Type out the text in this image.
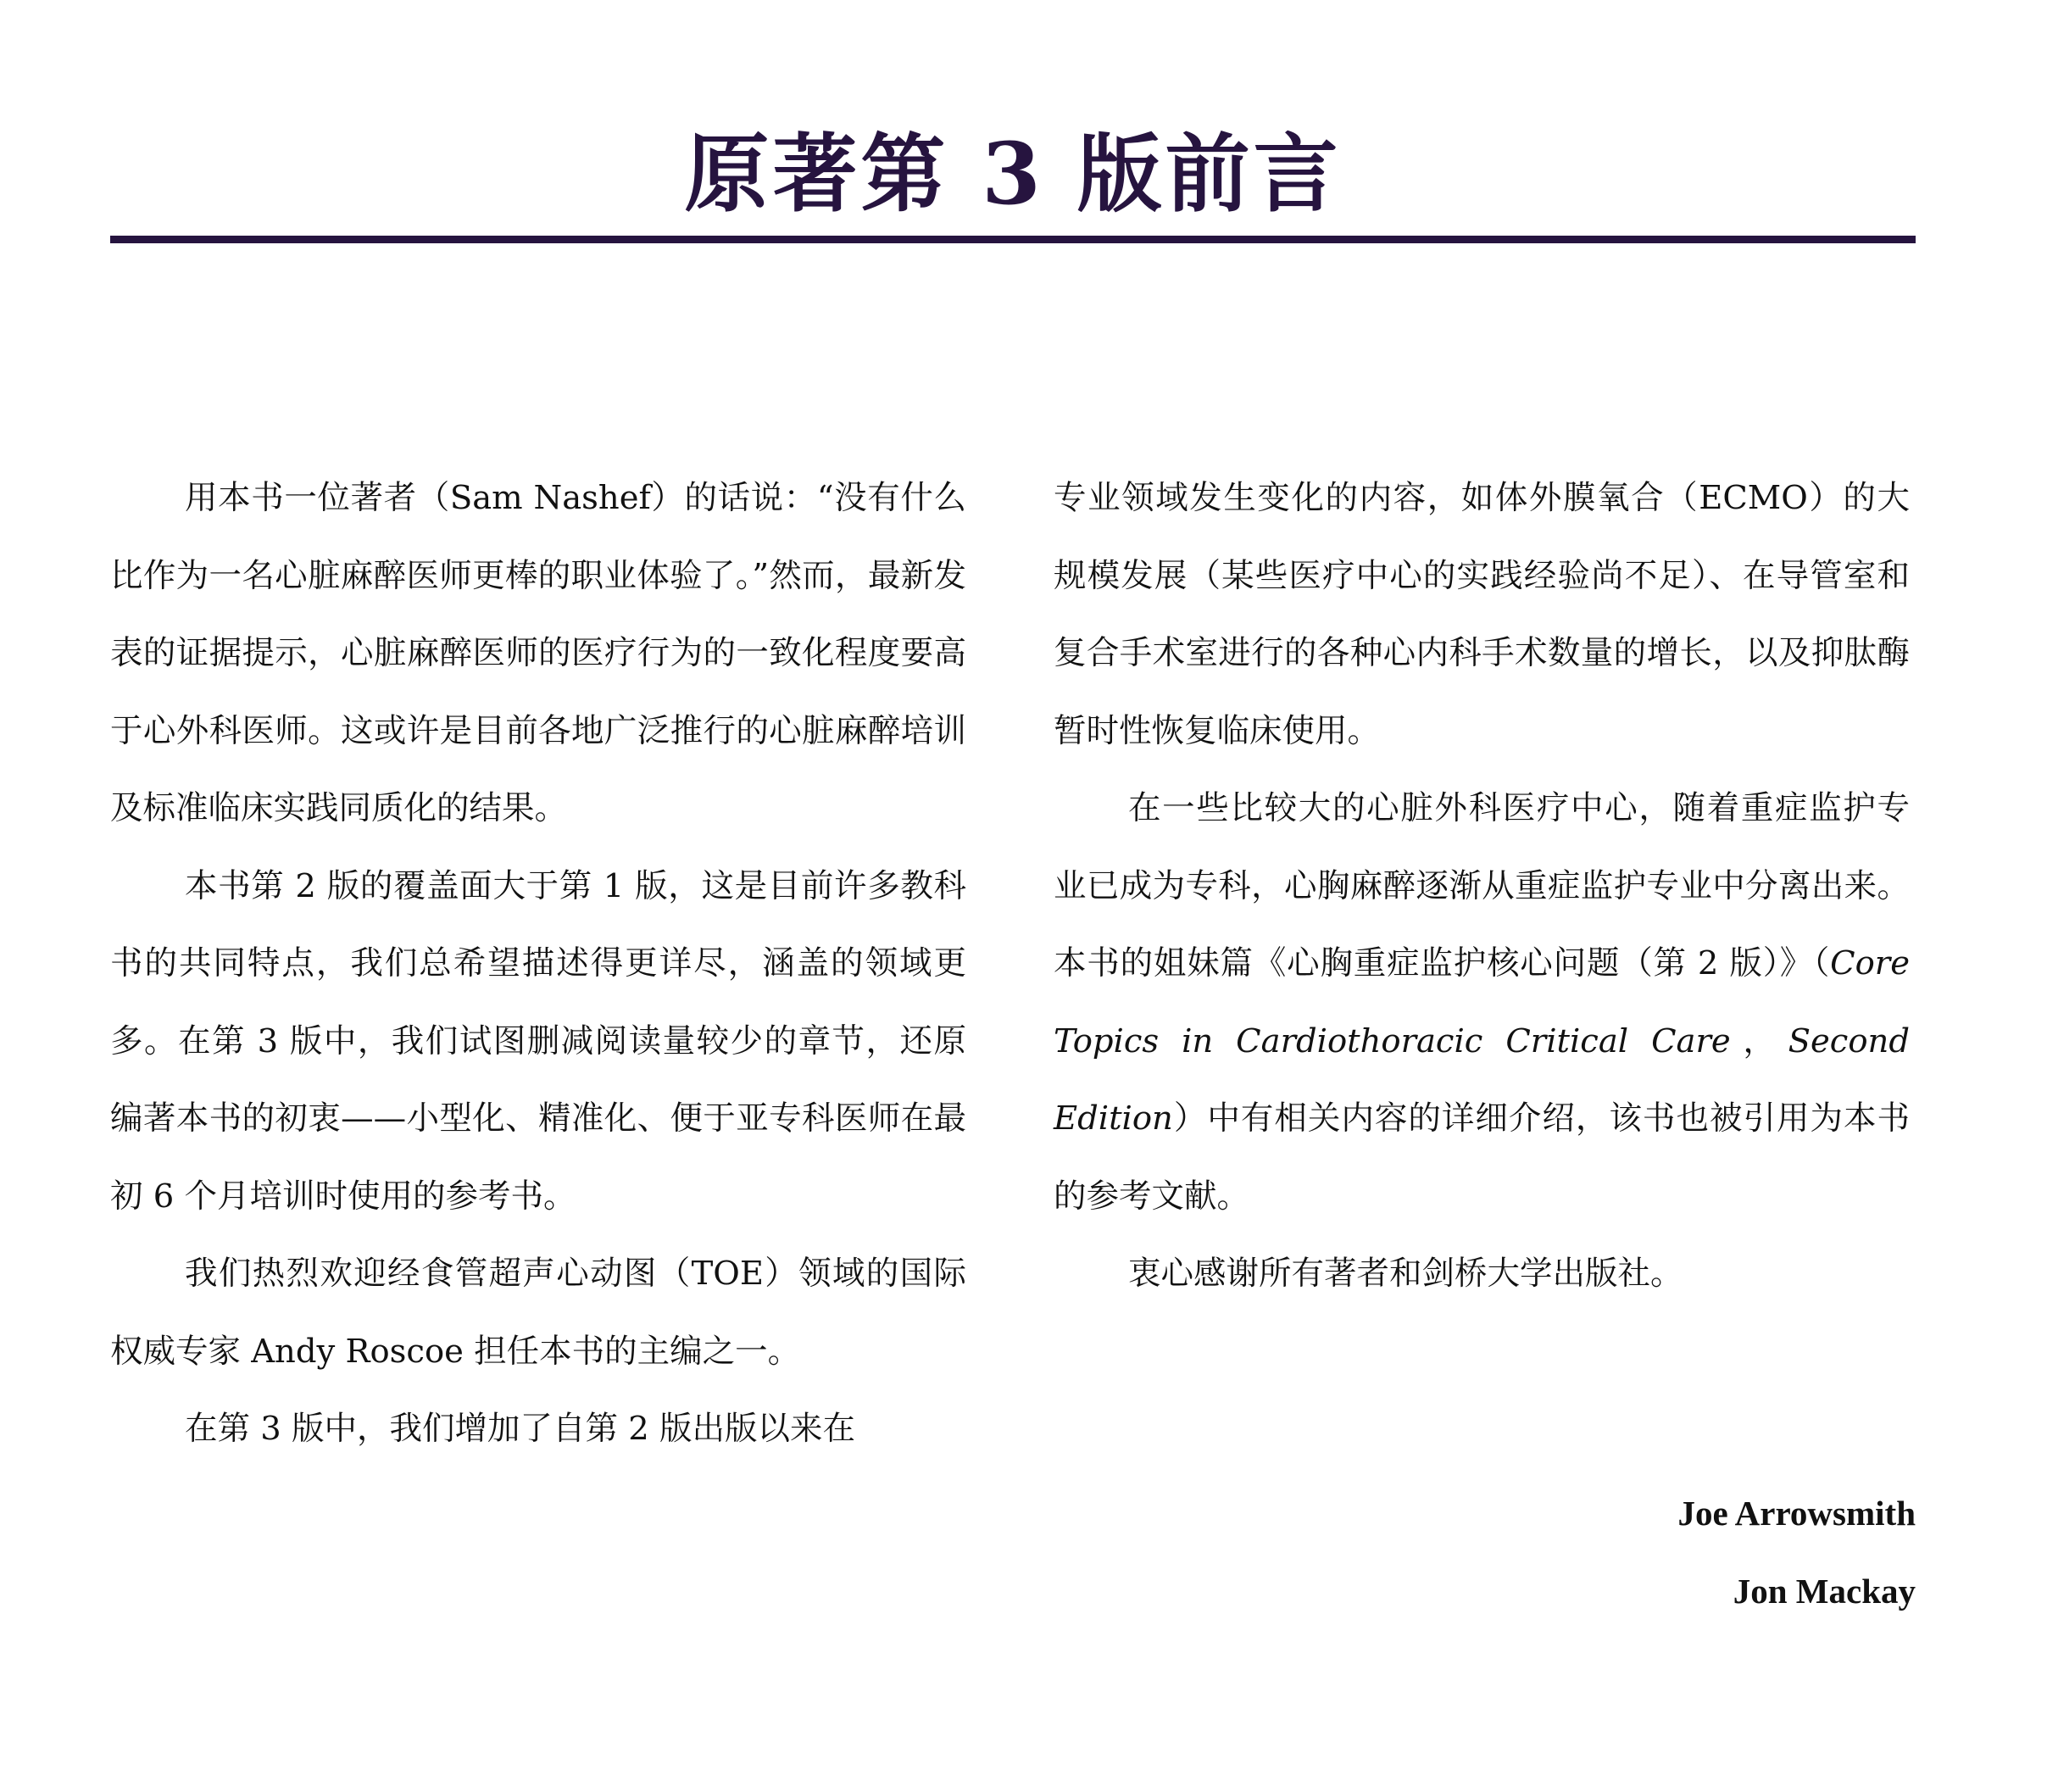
原著第 3 版前言

用本书一位著者（Sam Nashef）的话说：“没有什么比作为一名心脏麻醉医师更棒的职业体验了。”然而，最新发表的证据提示，心脏麻醉医师的医疗行为的一致化程度要高于心外科医师。这或许是目前各地广泛推行的心脏麻醉培训及标准临床实践同质化的结果。

本书第 2 版的覆盖面大于第 1 版，这是目前许多教科书的共同特点，我们总希望描述得更详尽，涵盖的领域更多。在第 3 版中，我们试图删减阅读量较少的章节，还原编著本书的初衷——小型化、精准化、便于亚专科医师在最初 6 个月培训时使用的参考书。

我们热烈欢迎经食管超声心动图（TOE）领域的国际权威专家 Andy Roscoe 担任本书的主编之一。

在第 3 版中，我们增加了自第 2 版出版以来在

专业领域发生变化的内容，如体外膜氧合（ECMO）的大规模发展（某些医疗中心的实践经验尚不足）、在导管室和复合手术室进行的各种心内科手术数量的增长，以及抑肽酶暂时性恢复临床使用。

在一些比较大的心脏外科医疗中心，随着重症监护专业已成为专科，心胸麻醉逐渐从重症监护专业中分离出来。本书的姐妹篇《心胸重症监护核心问题（第 2 版）》（Core Topics in Cardiothoracic Critical Care，Second Edition）中有相关内容的详细介绍，该书也被引用为本书的参考文献。

衷心感谢所有著者和剑桥大学出版社。

Joe Arrowsmith
Jon Mackay
